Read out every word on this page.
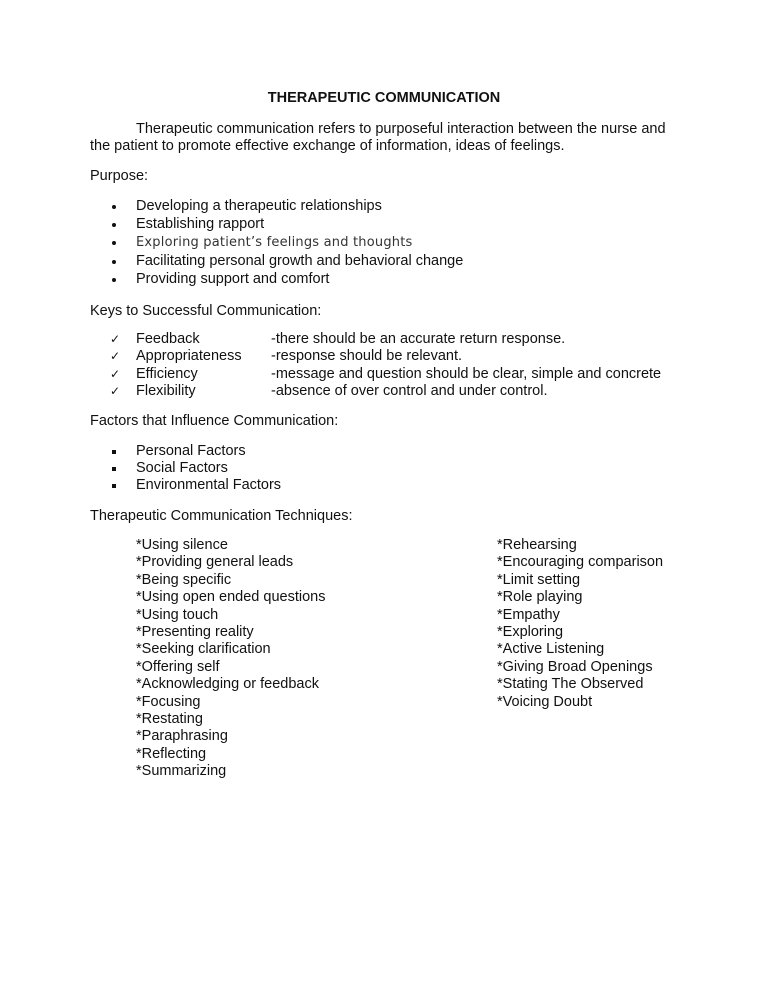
THERAPEUTIC COMMUNICATION

Therapeutic communication refers to purposeful interaction between the nurse and the patient to promote effective exchange of information, ideas of feelings.

Purpose:

Developing a therapeutic relationships
Establishing rapport
Exploring patient’s feelings and thoughts
Facilitating personal growth and behavioral change
Providing support and comfort

Keys to Successful Communication:

✓ Feedback	-there should be an accurate return response.
✓ Appropriateness -response should be relevant.
✓ Efficiency	-message and question should be clear, simple and concrete
✓ Flexibility	-absence of over control and under control.

Factors that Influence Communication:

Personal Factors
Social Factors
Environmental Factors

Therapeutic Communication Techniques:

*Using silence
*Providing general leads
*Being specific
*Using open ended questions
*Using touch
*Presenting reality
*Seeking clarification
*Offering self
*Acknowledging or feedback
*Focusing
*Restating
*Paraphrasing
*Reflecting
*Summarizing
*Rehearsing
*Encouraging comparison
*Limit setting
*Role playing
*Empathy
*Exploring
*Active Listening
*Giving Broad Openings
*Stating The Observed
*Voicing Doubt
